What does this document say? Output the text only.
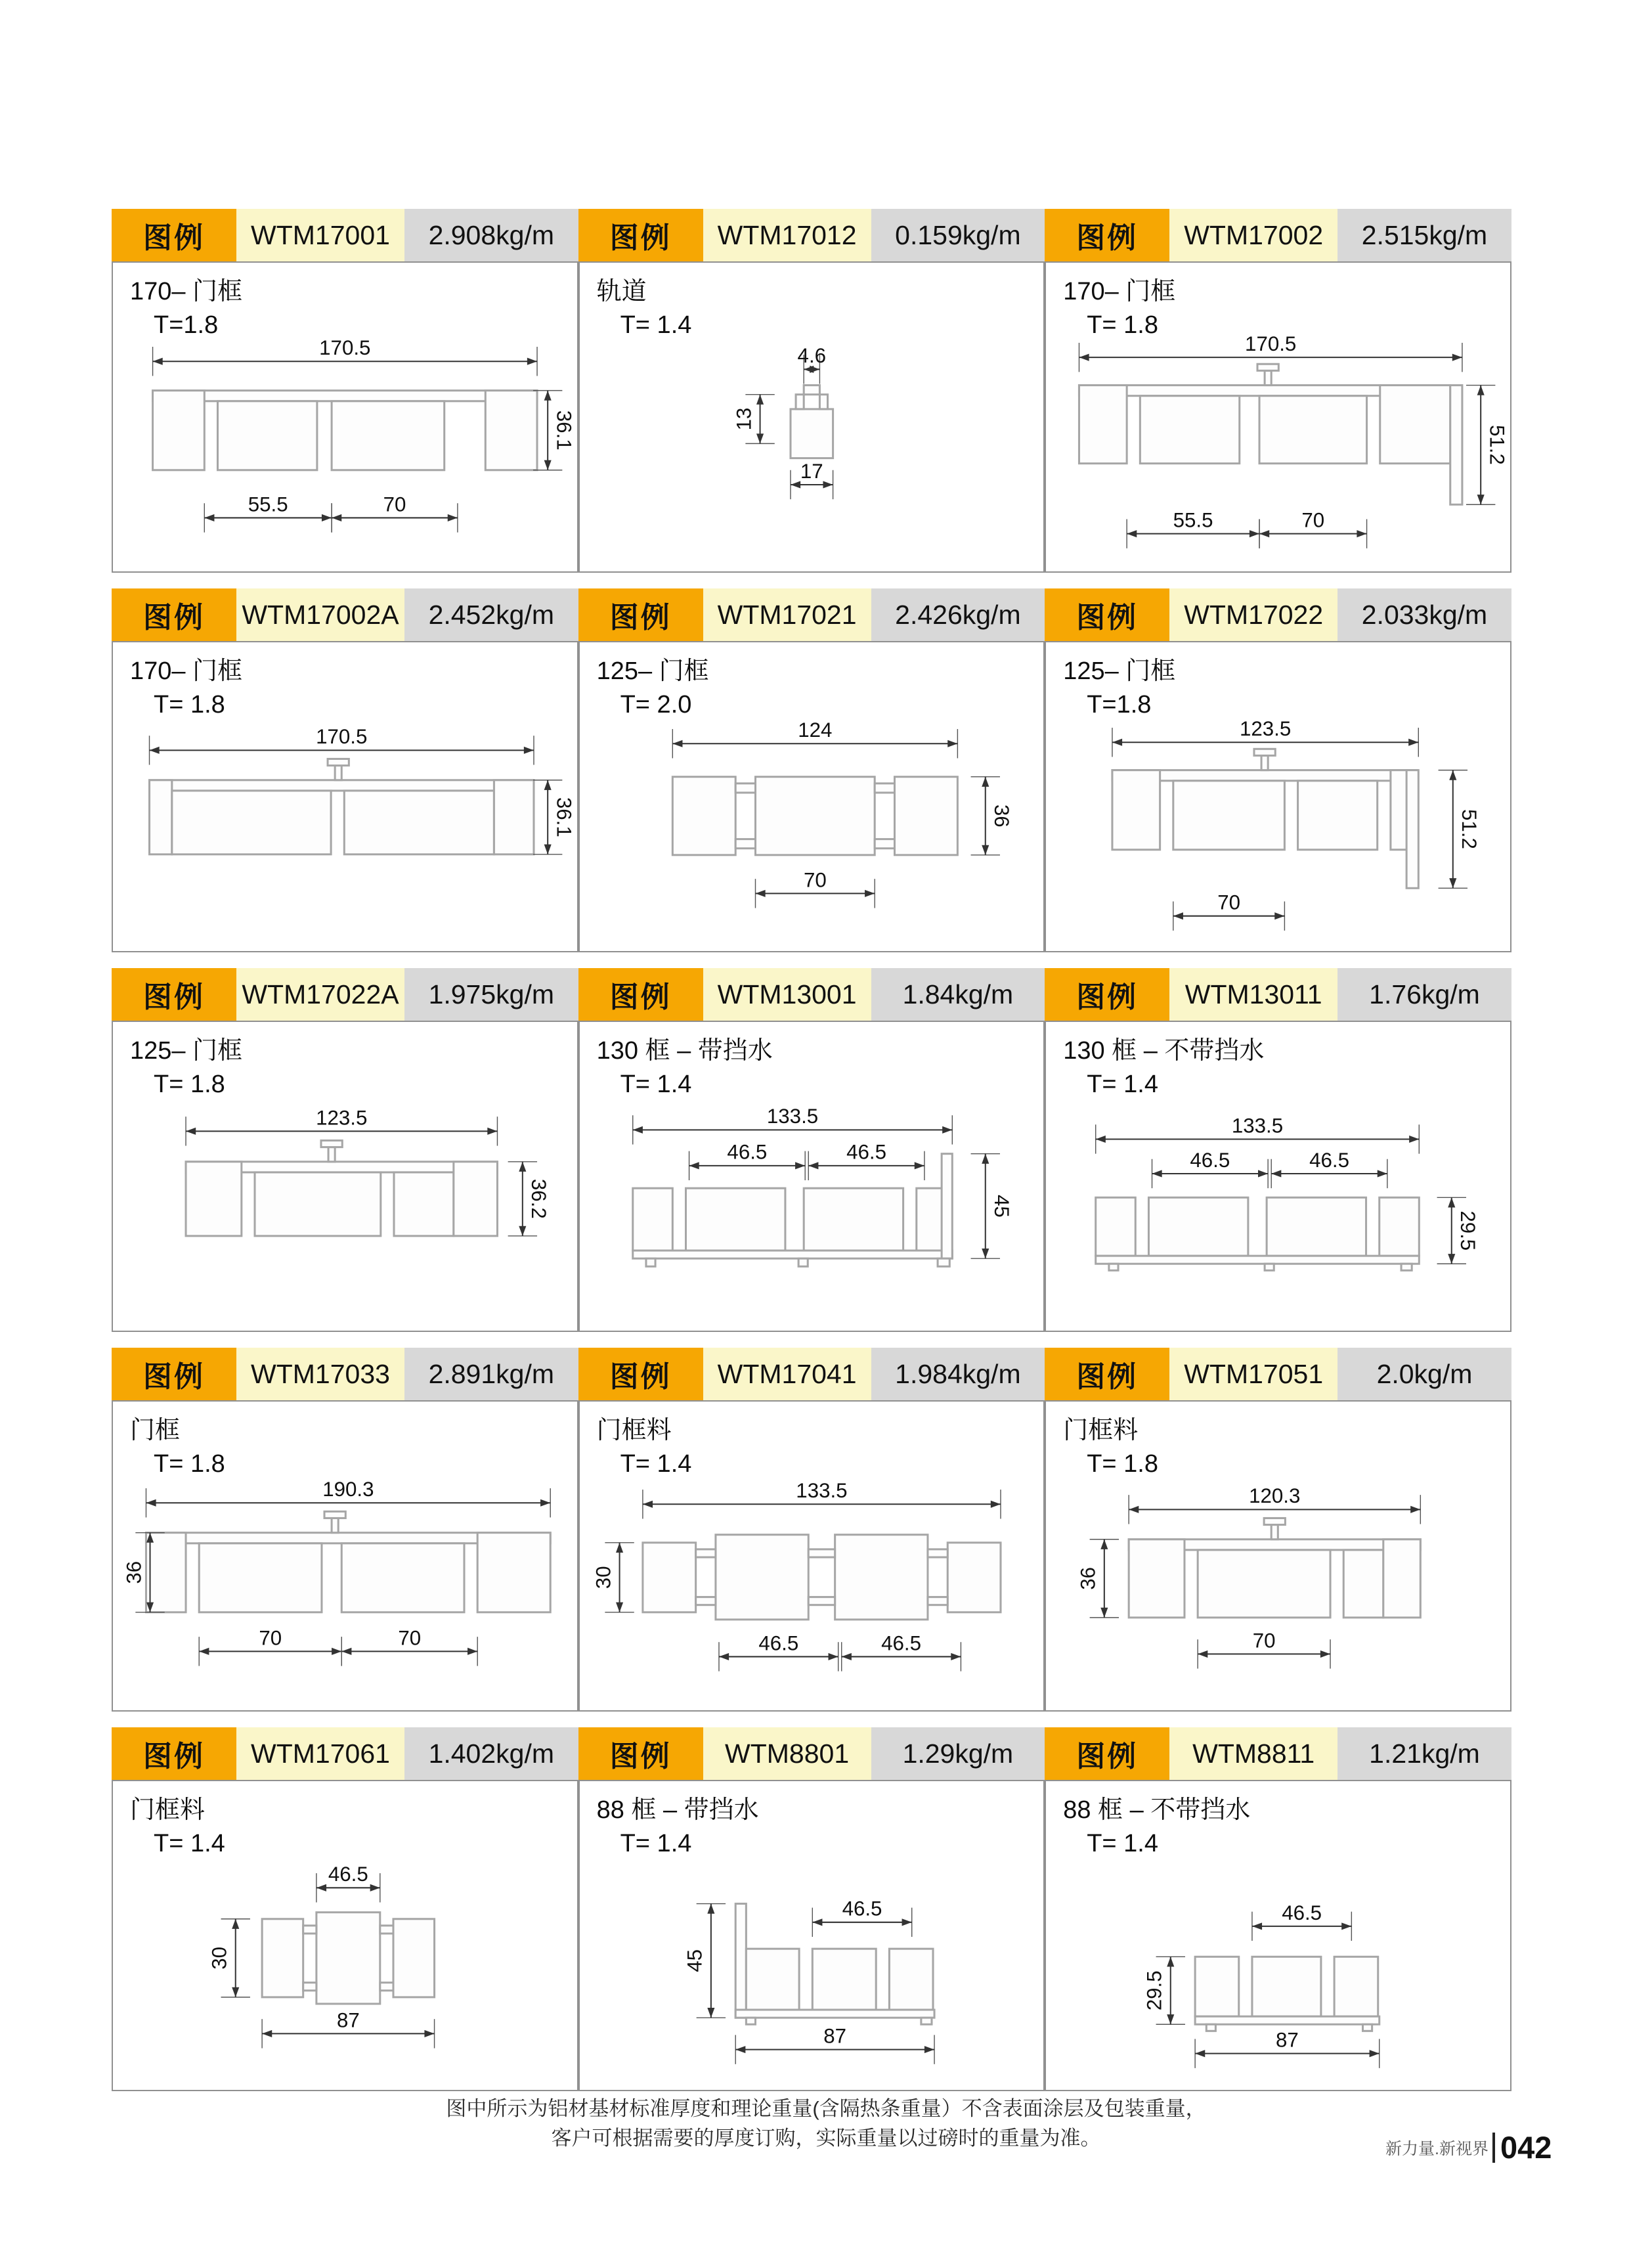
图例	WTM17001	2.908kg/m
170– 门框
T=1.8
170.5
36.1
55.5	70
图例	WTM17012	0.159kg/m
轨道
T= 1.4
4.6
13
17
图例	WTM17002	2.515kg/m
170– 门框
T= 1.8
170.5
51.2
55.5	70
图例	WTM17002A	2.452kg/m
170– 门框
T= 1.8
170.5
36.1
图例	WTM17021	2.426kg/m
125– 门框
T= 2.0
124
36
70
图例	WTM17022	2.033kg/m
125– 门框
T=1.8
123.5
51.2
70
图例	WTM17022A	1.975kg/m
125– 门框
T= 1.8
123.5
36.2
图例	WTM13001	1.84kg/m
130 框 – 带挡水
T= 1.4
133.5
46.5	46.5
45
图例	WTM13011	1.76kg/m
130 框 – 不带挡水
T= 1.4
133.5
46.5	46.5
29.5
图例	WTM17033	2.891kg/m
门框
T= 1.8
190.3
36
70	70
图例	WTM17041	1.984kg/m
门框料
T= 1.4
133.5
30
46.5	46.5
图例	WTM17051	2.0kg/m
门框料
T= 1.8
120.3
36
70
图例	WTM17061	1.402kg/m
门框料
T= 1.4
46.5
30
87
图例	WTM8801	1.29kg/m
88 框 – 带挡水
T= 1.4
46.5
45
87
图例	WTM8811	1.21kg/m
88 框 – 不带挡水
T= 1.4
46.5
29.5
87
图中所示为铝材基材标准厚度和理论重量(含隔热条重量）不含表面涂层及包装重量，
客户可根据需要的厚度订购，实际重量以过磅时的重量为准。	新力量.新视界 042
